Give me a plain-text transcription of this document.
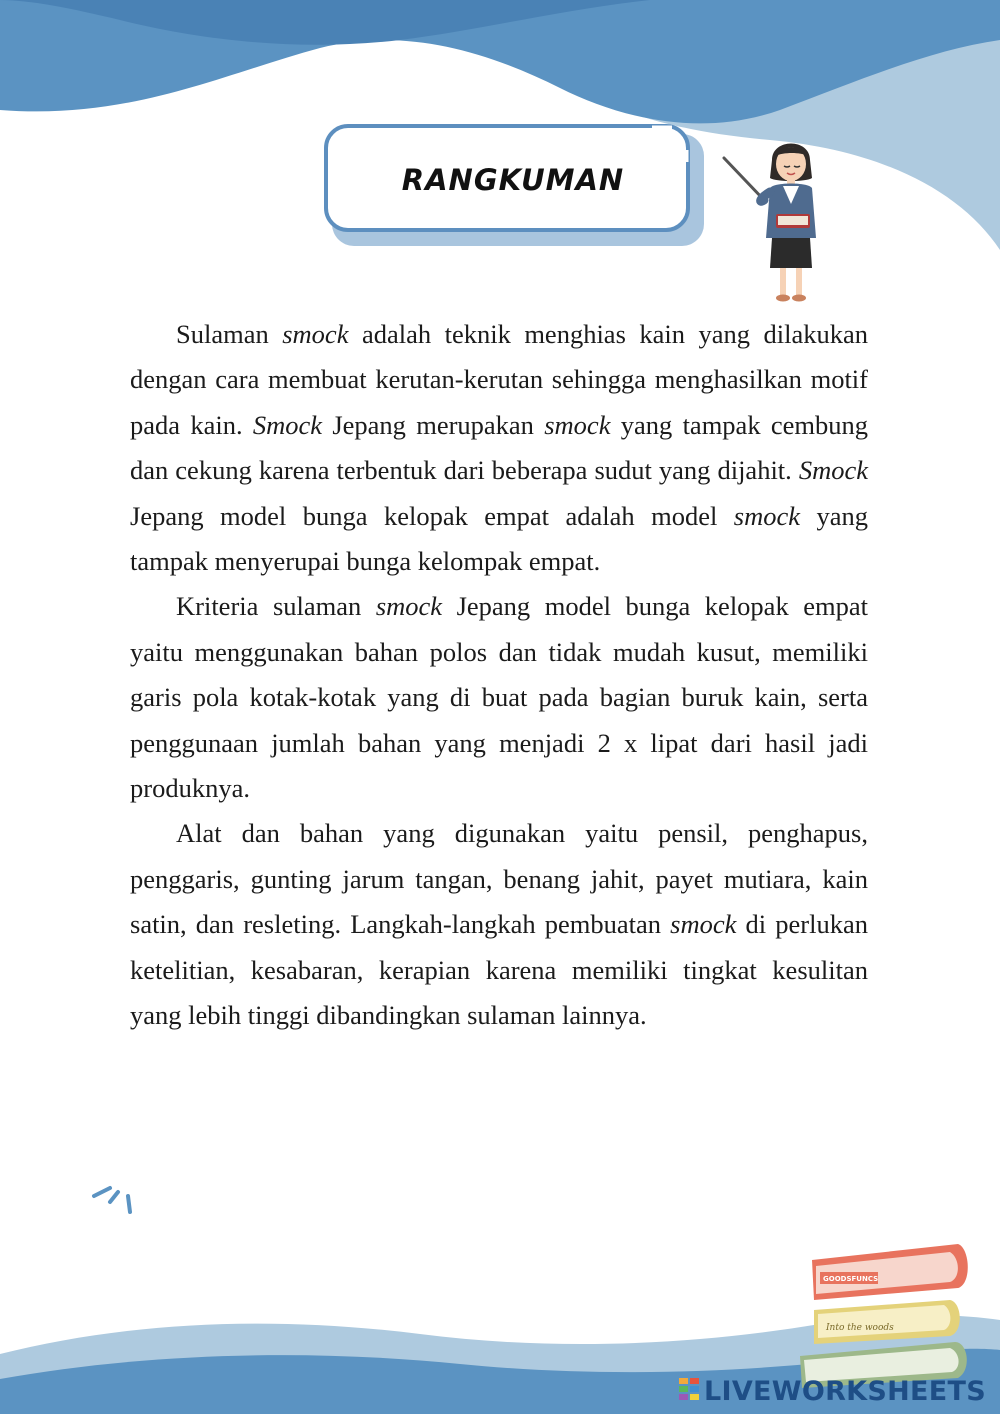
RANGKUMAN

Sulaman smock adalah teknik menghias kain yang dilakukan dengan cara membuat kerutan-kerutan sehingga menghasilkan motif pada kain. Smock Jepang merupakan smock yang tampak cembung dan cekung karena terbentuk dari beberapa sudut yang dijahit. Smock Jepang model bunga kelopak empat adalah model smock yang tampak menyerupai bunga kelompak empat.

Kriteria sulaman smock Jepang model bunga kelopak empat yaitu menggunakan bahan polos dan tidak mudah kusut, memiliki garis pola kotak-kotak yang di buat pada bagian buruk kain, serta penggunaan jumlah bahan yang menjadi 2 x lipat dari hasil jadi produknya.

Alat dan bahan yang digunakan yaitu pensil, penghapus, penggaris, gunting jarum tangan, benang jahit, payet mutiara, kain satin, dan resleting. Langkah-langkah pembuatan smock di perlukan ketelitian, kesabaran, kerapian karena memiliki tingkat kesulitan yang lebih tinggi dibandingkan sulaman lainnya.

Into the woods
GOODSFUNCS
LIVEWORKSHEETS
